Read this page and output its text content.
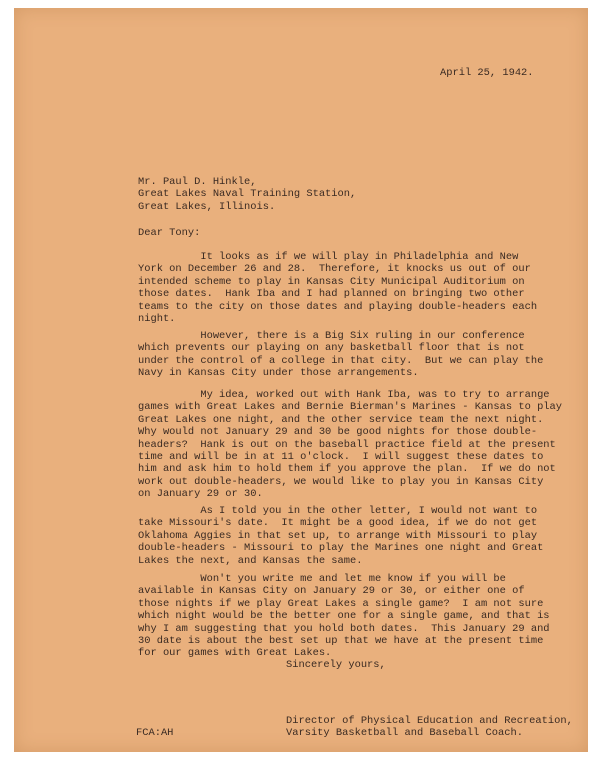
April 25, 1942.

Mr. Paul D. Hinkle,
Great Lakes Naval Training Station,
Great Lakes, Illinois.

Dear Tony:

It looks as if we will play in Philadelphia and New
York on December 26 and 28.  Therefore, it knocks us out of our
intended scheme to play in Kansas City Municipal Auditorium on
those dates.  Hank Iba and I had planned on bringing two other
teams to the city on those dates and playing double-headers each
night.
However, there is a Big Six ruling in our conference
which prevents our playing on any basketball floor that is not
under the control of a college in that city.  But we can play the
Navy in Kansas City under those arrangements.
My idea, worked out with Hank Iba, was to try to arrange
games with Great Lakes and Bernie Bierman's Marines - Kansas to play
Great Lakes one night, and the other service team the next night.
Why would not January 29 and 30 be good nights for those double-
headers?  Hank is out on the baseball practice field at the present
time and will be in at 11 o'clock.  I will suggest these dates to
him and ask him to hold them if you approve the plan.  If we do not
work out double-headers, we would like to play you in Kansas City
on January 29 or 30.
As I told you in the other letter, I would not want to
take Missouri's date.  It might be a good idea, if we do not get
Oklahoma Aggies in that set up, to arrange with Missouri to play
double-headers - Missouri to play the Marines one night and Great
Lakes the next, and Kansas the same.
Won't you write me and let me know if you will be
available in Kansas City on January 29 or 30, or either one of
those nights if we play Great Lakes a single game?  I am not sure
which night would be the better one for a single game, and that is
why I am suggesting that you hold both dates.  This January 29 and
30 date is about the best set up that we have at the present time
for our games with Great Lakes.

Sincerely yours,

Director of Physical Education and Recreation,
Varsity Basketball and Baseball Coach.

FCA:AH
